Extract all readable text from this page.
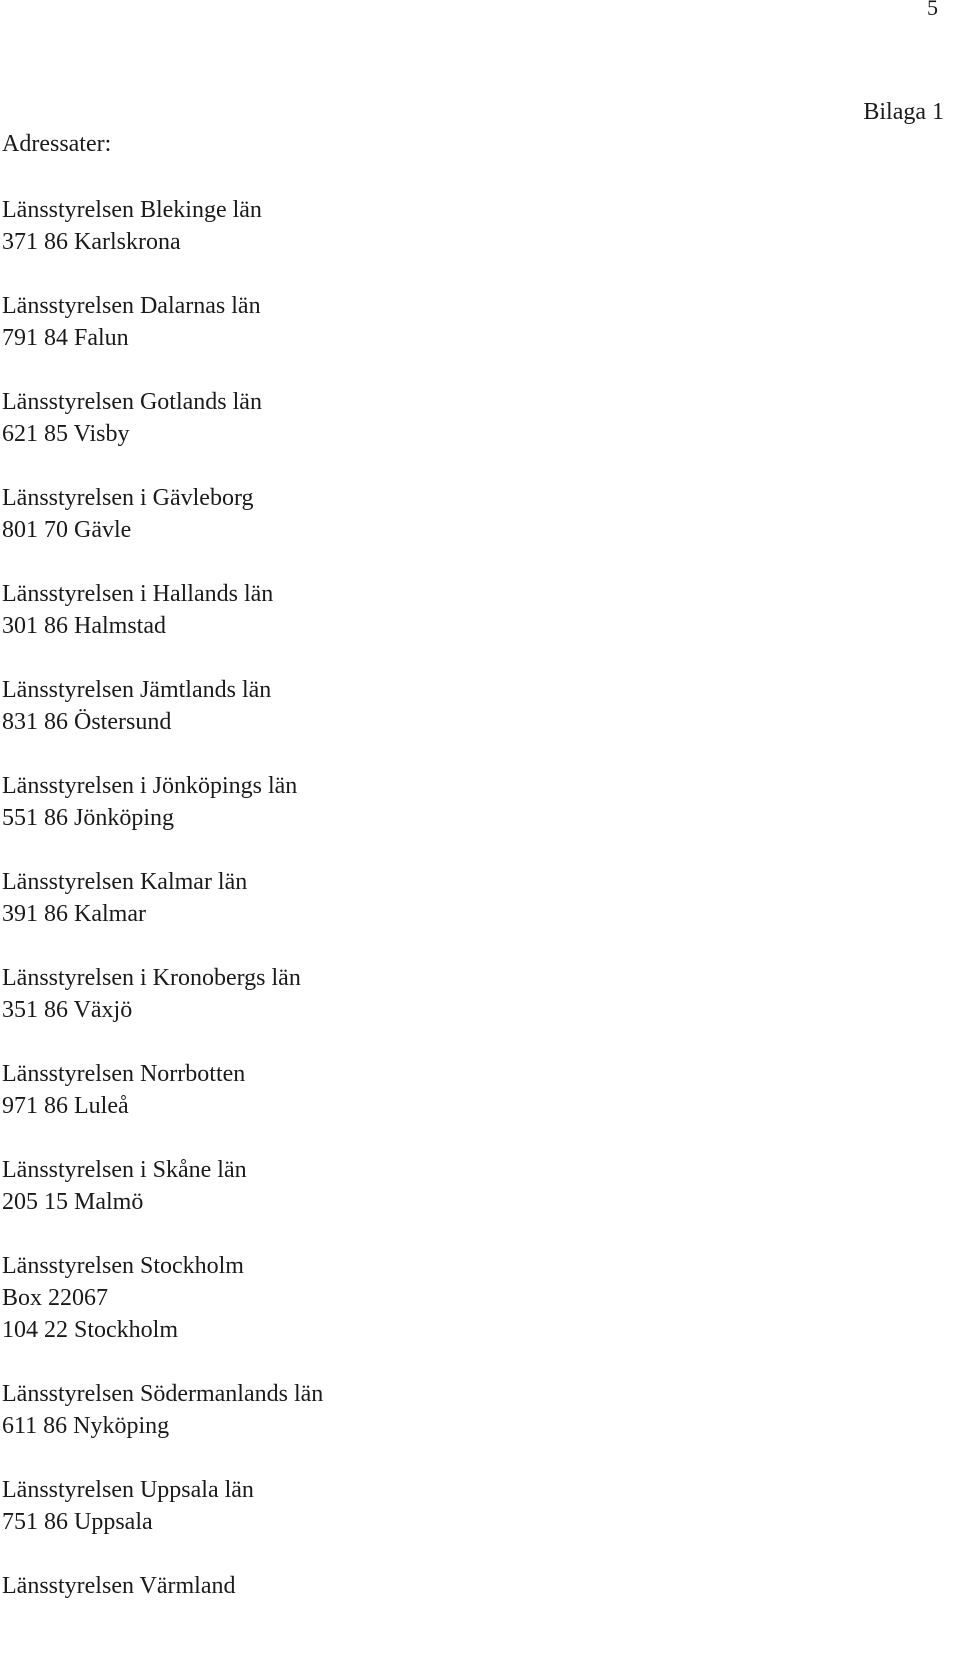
5
Bilaga 1
Adressater:
Länsstyrelsen Blekinge län
371 86 Karlskrona
Länsstyrelsen Dalarnas län
791 84 Falun
Länsstyrelsen Gotlands län
621 85 Visby
Länsstyrelsen i Gävleborg
801 70 Gävle
Länsstyrelsen i Hallands län
301 86 Halmstad
Länsstyrelsen Jämtlands län
831 86 Östersund
Länsstyrelsen i Jönköpings län
551 86 Jönköping
Länsstyrelsen Kalmar län
391 86 Kalmar
Länsstyrelsen i Kronobergs län
351 86 Växjö
Länsstyrelsen Norrbotten
971 86 Luleå
Länsstyrelsen i Skåne län
205 15 Malmö
Länsstyrelsen Stockholm
Box 22067
104 22 Stockholm
Länsstyrelsen Södermanlands län
611 86 Nyköping
Länsstyrelsen Uppsala län
751 86 Uppsala
Länsstyrelsen Värmland
